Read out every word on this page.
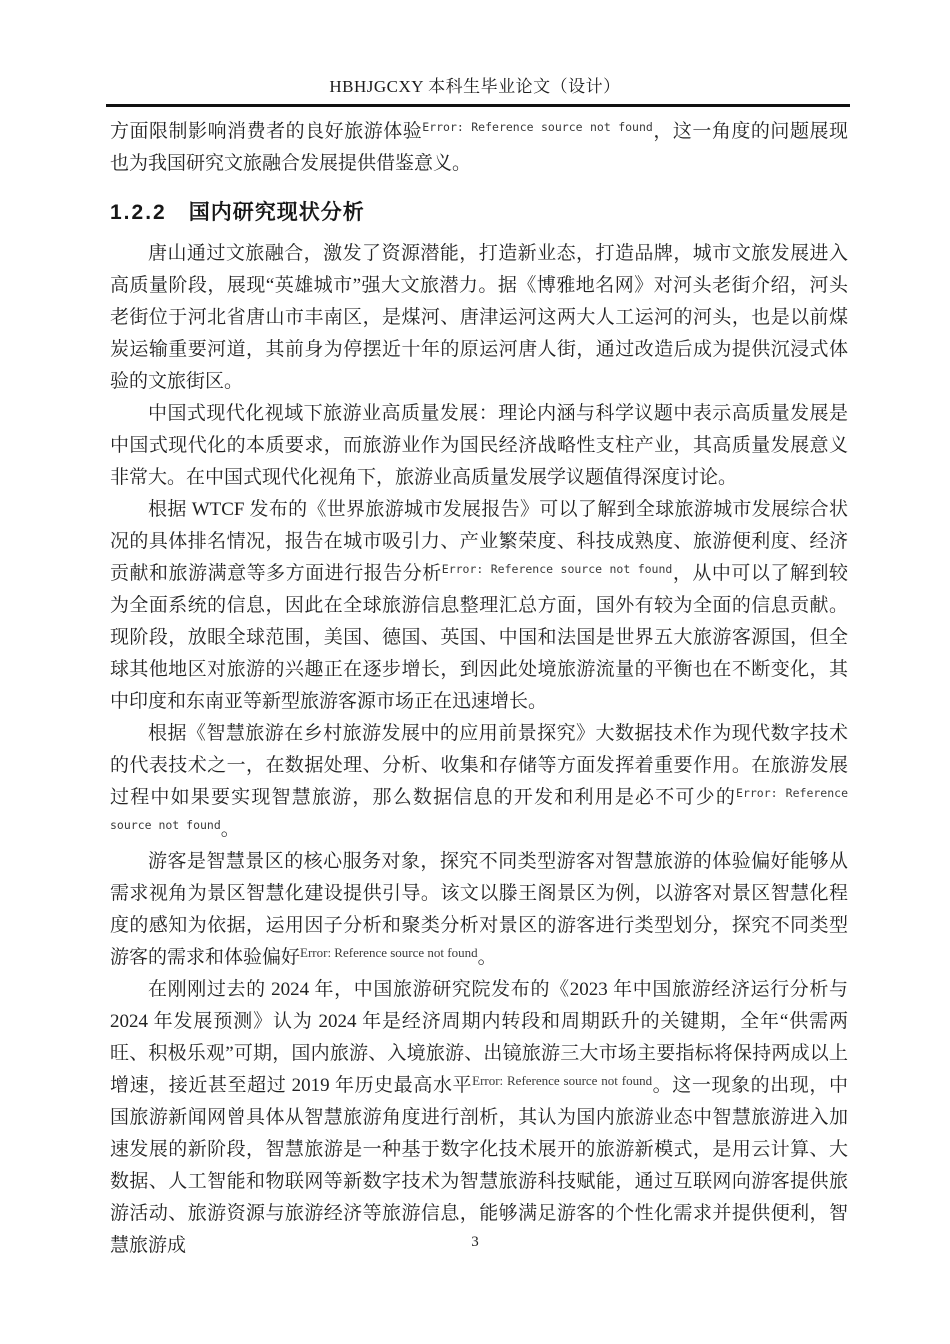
HBHJGCXY 本科生毕业论文（设计）

方面限制影响消费者的良好旅游体验$^{Error: Reference source not found}$，这一角度的问题展现也为我国研究文旅融合发展提供借鉴意义。

1.2.2 国内研究现状分析

唐山通过文旅融合，激发了资源潜能，打造新业态，打造品牌，城市文旅发展进入高质量阶段，展现“英雄城市”强大文旅潜力。据《博雅地名网》对河头老街介绍，河头老街位于河北省唐山市丰南区，是煤河、唐津运河这两大人工运河的河头，也是以前煤炭运输重要河道，其前身为停摆近十年的原运河唐人街，通过改造后成为提供沉浸式体验的文旅街区。

中国式现代化视域下旅游业高质量发展：理论内涵与科学议题中表示高质量发展是中国式现代化的本质要求，而旅游业作为国民经济战略性支柱产业，其高质量发展意义非常大。在中国式现代化视角下，旅游业高质量发展学议题值得深度讨论。

根据 WTCF 发布的《世界旅游城市发展报告》可以了解到全球旅游城市发展综合状况的具体排名情况，报告在城市吸引力、产业繁荣度、科技成熟度、旅游便利度、经济贡献和旅游满意等多方面进行报告分析$^{Error: Reference source not found}$，从中可以了解到较为全面系统的信息，因此在全球旅游信息整理汇总方面，国外有较为全面的信息贡献。现阶段，放眼全球范围，美国、德国、英国、中国和法国是世界五大旅游客源国，但全球其他地区对旅游的兴趣正在逐步增长，到因此处境旅游流量的平衡也在不断变化，其中印度和东南亚等新型旅游客源市场正在迅速增长。

根据《智慧旅游在乡村旅游发展中的应用前景探究》大数据技术作为现代数字技术的代表技术之一，在数据处理、分析、收集和存储等方面发挥着重要作用。在旅游发展过程中如果要实现智慧旅游，那么数据信息的开发和利用是必不可少的$^{Error: Reference source not found}$。

游客是智慧景区的核心服务对象，探究不同类型游客对智慧旅游的体验偏好能够从需求视角为景区智慧化建设提供引导。该文以滕王阁景区为例，以游客对景区智慧化程度的感知为依据，运用因子分析和聚类分析对景区的游客进行类型划分，探究不同类型游客的需求和体验偏好$^{Error: Reference source not found}$。

在刚刚过去的 2024 年，中国旅游研究院发布的《2023 年中国旅游经济运行分析与2024 年发展预测》认为 2024 年是经济周期内转段和周期跃升的关键期，全年“供需两旺、积极乐观”可期，国内旅游、入境旅游、出镜旅游三大市场主要指标将保持两成以上增速，接近甚至超过 2019 年历史最高水平$^{Error: Reference source not found}$。这一现象的出现，中国旅游新闻网曾具体从智慧旅游角度进行剖析，其认为国内旅游业态中智慧旅游进入加速发展的新阶段，智慧旅游是一种基于数字化技术展开的旅游新模式，是用云计算、大数据、人工智能和物联网等新数字技术为智慧旅游科技赋能，通过互联网向游客提供旅游活动、旅游资源与旅游经济等旅游信息，能够满足游客的个性化需求并提供便利，智慧旅游成	3
